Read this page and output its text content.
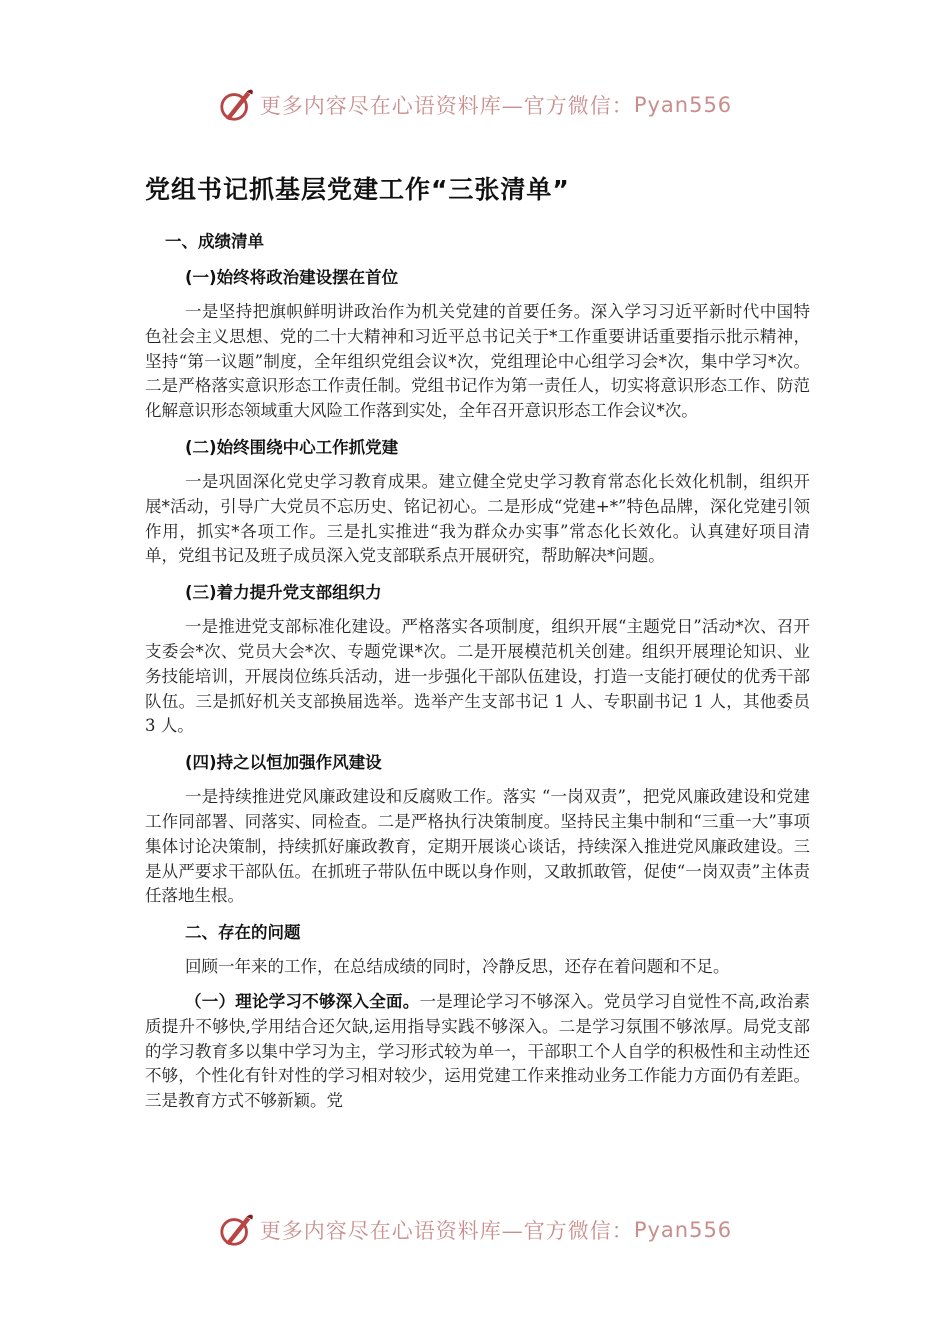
更多内容尽在心语资料库—官方微信： Pyan556
党组书记抓基层党建工作“三张清单”
一、成绩清单
(一)始终将政治建设摆在首位

一是坚持把旗帜鲜明讲政治作为机关党建的首要任务。深入学习习近平新时代中国特色社会主义思想、党的二十大精神和习近平总书记关于*工作重要讲话重要指示批示精神，坚持“第一议题”制度，全年组织党组会议*次，党组理论中心组学习会*次，集中学习*次。二是严格落实意识形态工作责任制。党组书记作为第一责任人，切实将意识形态工作、防范化解意识形态领域重大风险工作落到实处，全年召开意识形态工作会议*次。

(二)始终围绕中心工作抓党建

一是巩固深化党史学习教育成果。建立健全党史学习教育常态化长效化机制，组织开展*活动，引导广大党员不忘历史、铭记初心。二是形成“党建+*”特色品牌，深化党建引领作用，抓实*各项工作。三是扎实推进“我为群众办实事”常态化长效化。认真建好项目清单，党组书记及班子成员深入党支部联系点开展研究，帮助解决*问题。

(三)着力提升党支部组织力

一是推进党支部标准化建设。严格落实各项制度，组织开展“主题党日”活动*次、召开支委会*次、党员大会*次、专题党课*次。二是开展模范机关创建。组织开展理论知识、业务技能培训，开展岗位练兵活动，进一步强化干部队伍建设，打造一支能打硬仗的优秀干部队伍。三是抓好机关支部换届选举。选举产生支部书记 1 人、专职副书记 1 人，其他委员 3 人。

(四)持之以恒加强作风建设

一是持续推进党风廉政建设和反腐败工作。落实 “一岗双责”，把党风廉政建设和党建工作同部署、同落实、同检查。二是严格执行决策制度。坚持民主集中制和“三重一大”事项集体讨论决策制，持续抓好廉政教育，定期开展谈心谈话，持续深入推进党风廉政建设。三是从严要求干部队伍。在抓班子带队伍中既以身作则，又敢抓敢管，促使“一岗双责”主体责任落地生根。

二、存在的问题

回顾一年来的工作，在总结成绩的同时，冷静反思，还存在着问题和不足。

（一）理论学习不够深入全面。一是理论学习不够深入。党员学习自觉性不高,政治素质提升不够快,学用结合还欠缺,运用指导实践不够深入。二是学习氛围不够浓厚。局党支部的学习教育多以集中学习为主，学习形式较为单一，干部职工个人自学的积极性和主动性还不够，个性化有针对性的学习相对较少，运用党建工作来推动业务工作能力方面仍有差距。三是教育方式不够新颖。党

更多内容尽在心语资料库—官方微信： Pyan556
